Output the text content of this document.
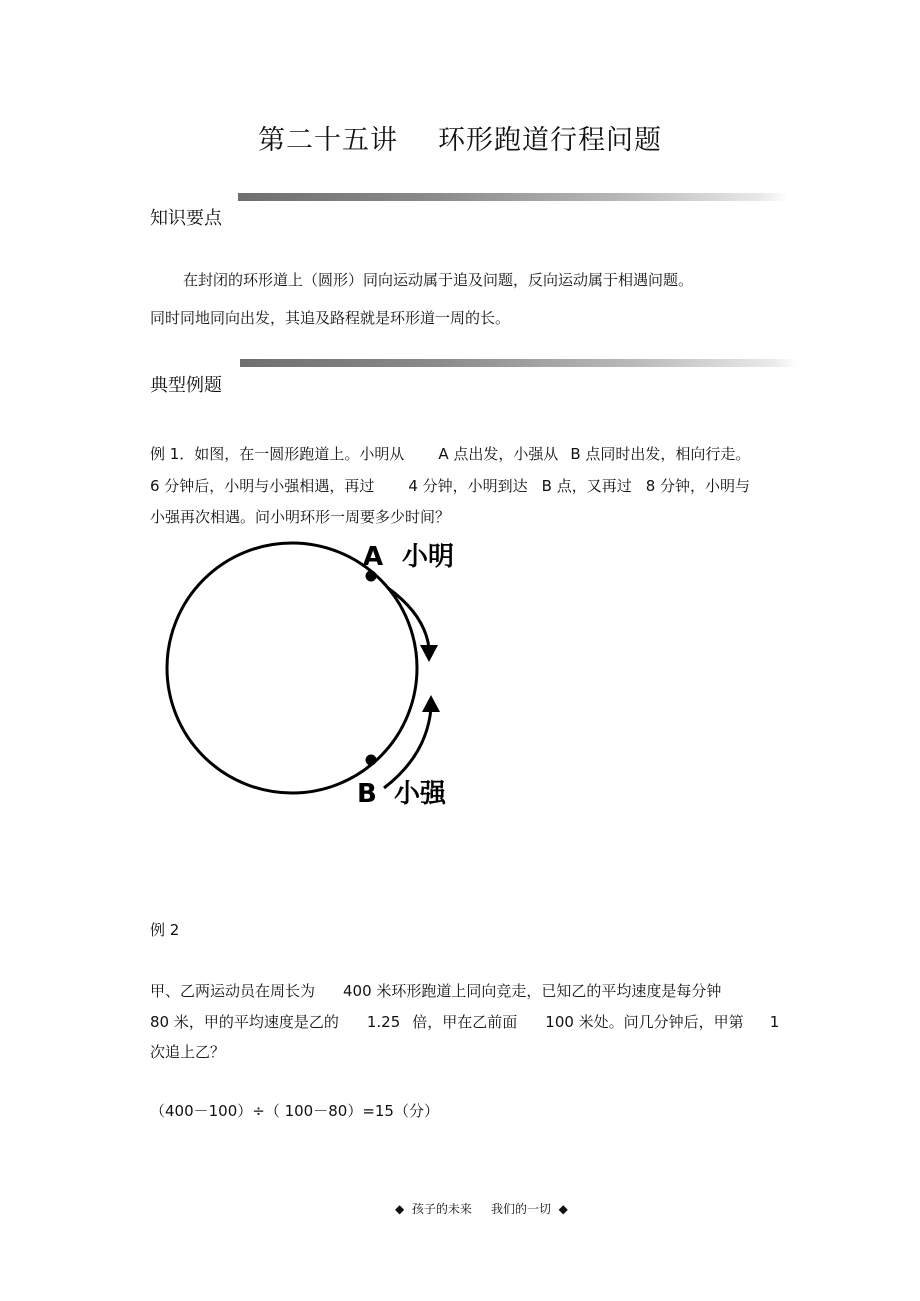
第二十五讲 环形跑道行程问题
知识要点
在封闭的环形道上（圆形）同向运动属于追及问题，反向运动属于相遇问题。
同时同地同向出发，其追及路程就是环形道一周的长。
典型例题
例 1．如图，在一圆形跑道上。小明从 A 点出发，小强从 B 点同时出发，相向行走。
6 分钟后，小明与小强相遇，再过 4 分钟，小明到达 B 点，又再过 8 分钟，小明与
小强再次相遇。问小明环形一周要多少时间？
A 小明
B 小强
例 2
甲、乙两运动员在周长为 400 米环形跑道上同向竞走，已知乙的平均速度是每分钟
80 米，甲的平均速度是乙的 1.25 倍，甲在乙前面 100 米处。问几分钟后，甲第 1
次追上乙？
（400－100）÷（ 100－80）=15（分）
◆ 孩子的未来 我们的一切 ◆
